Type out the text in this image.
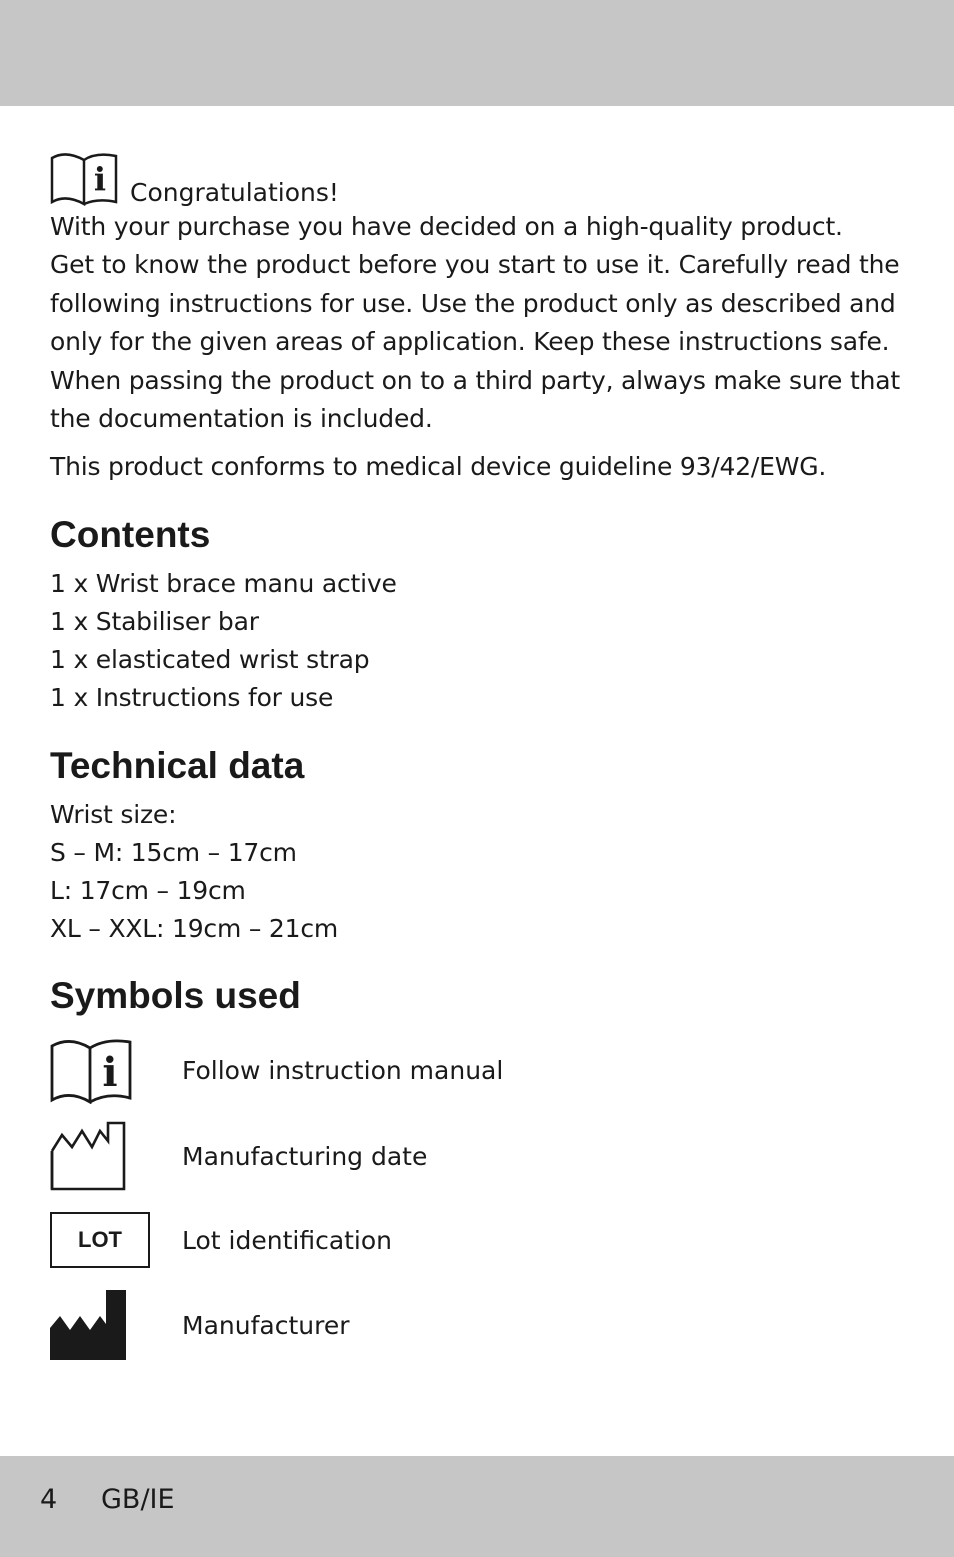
i Congratulations!

With your purchase you have decided on a high-quality product.
Get to know the product before you start to use it. Carefully read the
following instructions for use. Use the product only as described and
only for the given areas of application. Keep these instructions safe.
When passing the product on to a third party, always make sure that
the documentation is included.

This product conforms to medical device guideline 93/42/EWG.

Contents
1 x Wrist brace manu active
1 x Stabiliser bar
1 x elasticated wrist strap
1 x Instructions for use
Technical data
Wrist size:
S – M: 15cm – 17cm
L: 17cm – 19cm
XL – XXL: 19cm – 21cm
Symbols used
i	Follow instruction manual
Manufacturing date
LOT	Lot identification
Manufacturer
4 GB/IE
